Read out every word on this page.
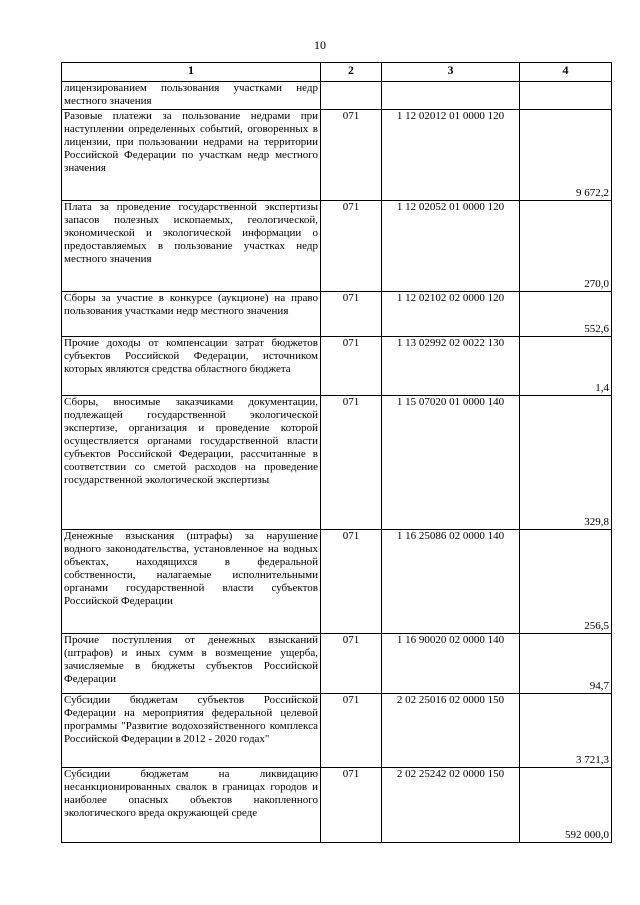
10
1	2	3	4
лицензированием пользования участками недр местного значения			
Разовые платежи за пользование недрами при наступлении определенных событий, оговоренных в лицензии, при пользовании недрами на территории Российской Федерации по участкам недр местного значения	071	1 12 02012 01 0000 120	9 672,2
Плата за проведение государственной экспертизы запасов полезных ископаемых, геологической, экономической и экологической информации о предоставляемых в пользование участках недр местного значения	071	1 12 02052 01 0000 120	270,0
Сборы за участие в конкурсе (аукционе) на право пользования участками недр местного значения	071	1 12 02102 02 0000 120	552,6
Прочие доходы от компенсации затрат бюджетов субъектов Российской Федерации, источником которых являются средства областного бюджета	071	1 13 02992 02 0022 130	1,4
Сборы, вносимые заказчиками документации, подлежащей государственной экологической экспертизе, организация и проведение которой осуществляется органами государственной власти субъектов Российской Федерации, рассчитанные в соответствии со сметой расходов на проведение государственной экологической экспертизы	071	1 15 07020 01 0000 140	329,8
Денежные взыскания (штрафы) за нарушение водного законодательства, установленное на водных объектах, находящихся в федеральной собственности, налагаемые исполнительными органами государственной власти субъектов Российской Федерации	071	1 16 25086 02 0000 140	256,5
Прочие поступления от денежных взысканий (штрафов) и иных сумм в возмещение ущерба, зачисляемые в бюджеты субъектов Российской Федерации	071	1 16 90020 02 0000 140	94,7
Субсидии бюджетам субъектов Российской Федерации на мероприятия федеральной целевой программы "Развитие водохозяйственного комплекса Российской Федерации в 2012 - 2020 годах"	071	2 02 25016 02 0000 150	3 721,3
Субсидии бюджетам на ликвидацию несанкционированных свалок в границах городов и наиболее опасных объектов накопленного экологического вреда окружающей среде	071	2 02 25242 02 0000 150	592 000,0
